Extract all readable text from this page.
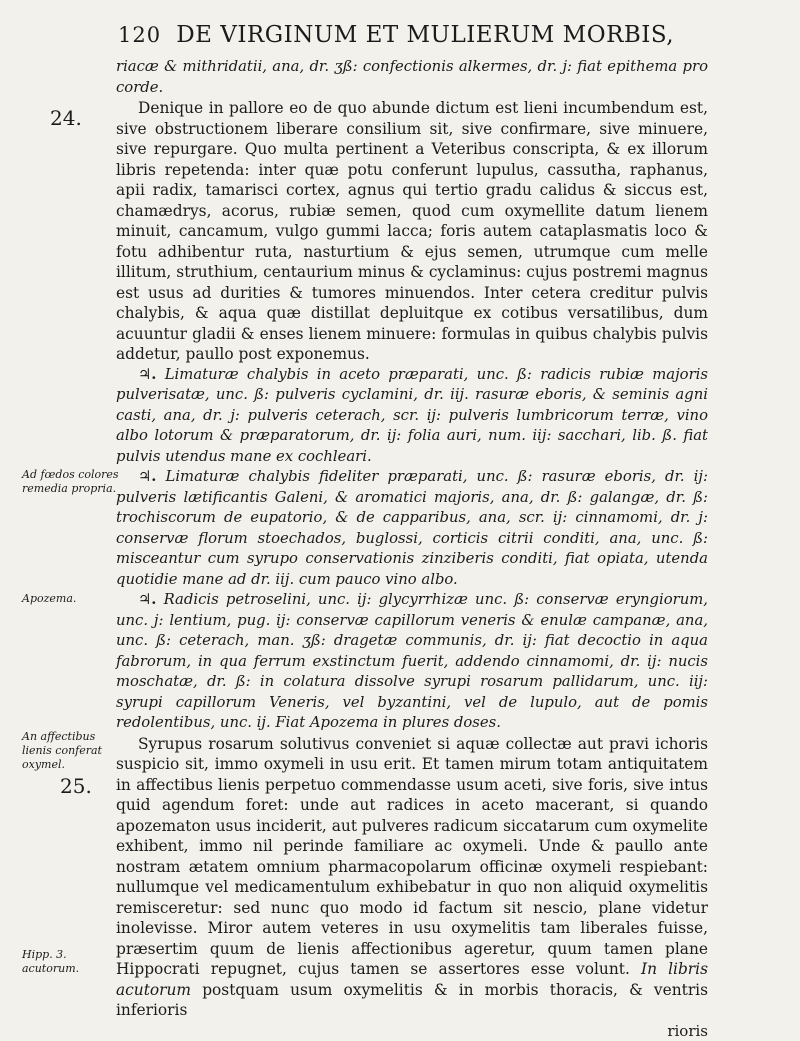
120 DE VIRGINUM ET MULIERUM MORBIS,
24.
Ad fœdos colores remedia propria.
Apozema.
An affectibus lienis conferat oxymel.
25.
Hipp. 3. acutorum.

riacæ & mithridatii, ana, dr. ʒß: confectionis alkermes, dr. j: fiat epithema pro corde.

Denique in pallore eo de quo abunde dictum est lieni incumbendum est, sive obstructionem liberare consilium sit, sive confirmare, sive minuere, sive repurgare. Quo multa pertinent a Veteribus conscripta, & ex illorum libris repetenda: inter quæ potu conferunt lupulus, cassutha, raphanus, apii radix, tamarisci cortex, agnus qui tertio gradu calidus & siccus est, chamædrys, acorus, rubiæ semen, quod cum oxymellite datum lienem minuit, cancamum, vulgo gummi lacca; foris autem cataplasmatis loco & fotu adhibentur ruta, nasturtium & ejus semen, utrumque cum melle illitum, struthium, centaurium minus & cyclaminus: cujus postremi magnus est usus ad durities & tumores minuendos. Inter cetera creditur pulvis chalybis, & aqua quæ distillat depluitque ex cotibus versatilibus, dum acuuntur gladii & enses lienem minuere: formulas in quibus chalybis pulvis addetur, paullo post exponemus.

♃. Limaturæ chalybis in aceto præparati, unc. ß: radicis rubiæ majoris pulverisatæ, unc. ß: pulveris cyclamini, dr. iij. rasuræ eboris, & seminis agni casti, ana, dr. j: pulveris ceterach, scr. ij: pulveris lumbricorum terræ, vino albo lotorum & præparatorum, dr. ij: folia auri, num. iij: sacchari, lib. ß. fiat pulvis utendus mane ex cochleari.

♃. Limaturæ chalybis fideliter præparati, unc. ß: rasuræ eboris, dr. ij: pulveris lætificantis Galeni, & aromatici majoris, ana, dr. ß: galangæ, dr. ß: trochiscorum de eupatorio, & de capparibus, ana, scr. ij: cinnamomi, dr. j: conservæ florum stoechados, buglossi, corticis citrii conditi, ana, unc. ß: misceantur cum syrupo conservationis zinziberis conditi, fiat opiata, utenda quotidie mane ad dr. iij. cum pauco vino albo.

♃. Radicis petroselini, unc. ij: glycyrrhizæ unc. ß: conservæ eryngiorum, unc. j: lentium, pug. ij: conservæ capillorum veneris & enulæ campanæ, ana, unc. ß: ceterach, man. ʒß: dragetæ communis, dr. ij: fiat decoctio in aqua fabrorum, in qua ferrum exstinctum fuerit, addendo cinnamomi, dr. ij: nucis moschatæ, dr. ß: in colatura dissolve syrupi rosarum pallidarum, unc. iij: syrupi capillorum Veneris, vel byzantini, vel de lupulo, aut de pomis redolentibus, unc. ij. Fiat Apozema in plures doses.

Syrupus rosarum solutivus conveniet si aquæ collectæ aut pravi ichoris suspicio sit, immo oxymeli in usu erit. Et tamen mirum totam antiquitatem in affectibus lienis perpetuo commendasse usum aceti, sive foris, sive intus quid agendum foret: unde aut radices in aceto macerant, si quando apozematon usus inciderit, aut pulveres radicum siccatarum cum oxymelite exhibent, immo nil perinde familiare ac oxymeli. Unde & paullo ante nostram ætatem omnium pharmacopolarum officinæ oxymeli respiebant: nullumque vel medicamentulum exhibebatur in quo non aliquid oxymelitis remisceretur: sed nunc quo modo id factum sit nescio, plane videtur inolevisse. Miror autem veteres in usu oxymelitis tam liberales fuisse, præsertim quum de lienis affectionibus ageretur, quum tamen plane Hippocrati repugnet, cujus tamen se assertores esse volunt. In libris acutorum postquam usum oxymelitis & in morbis thoracis, & ventris inferioris

rioris
